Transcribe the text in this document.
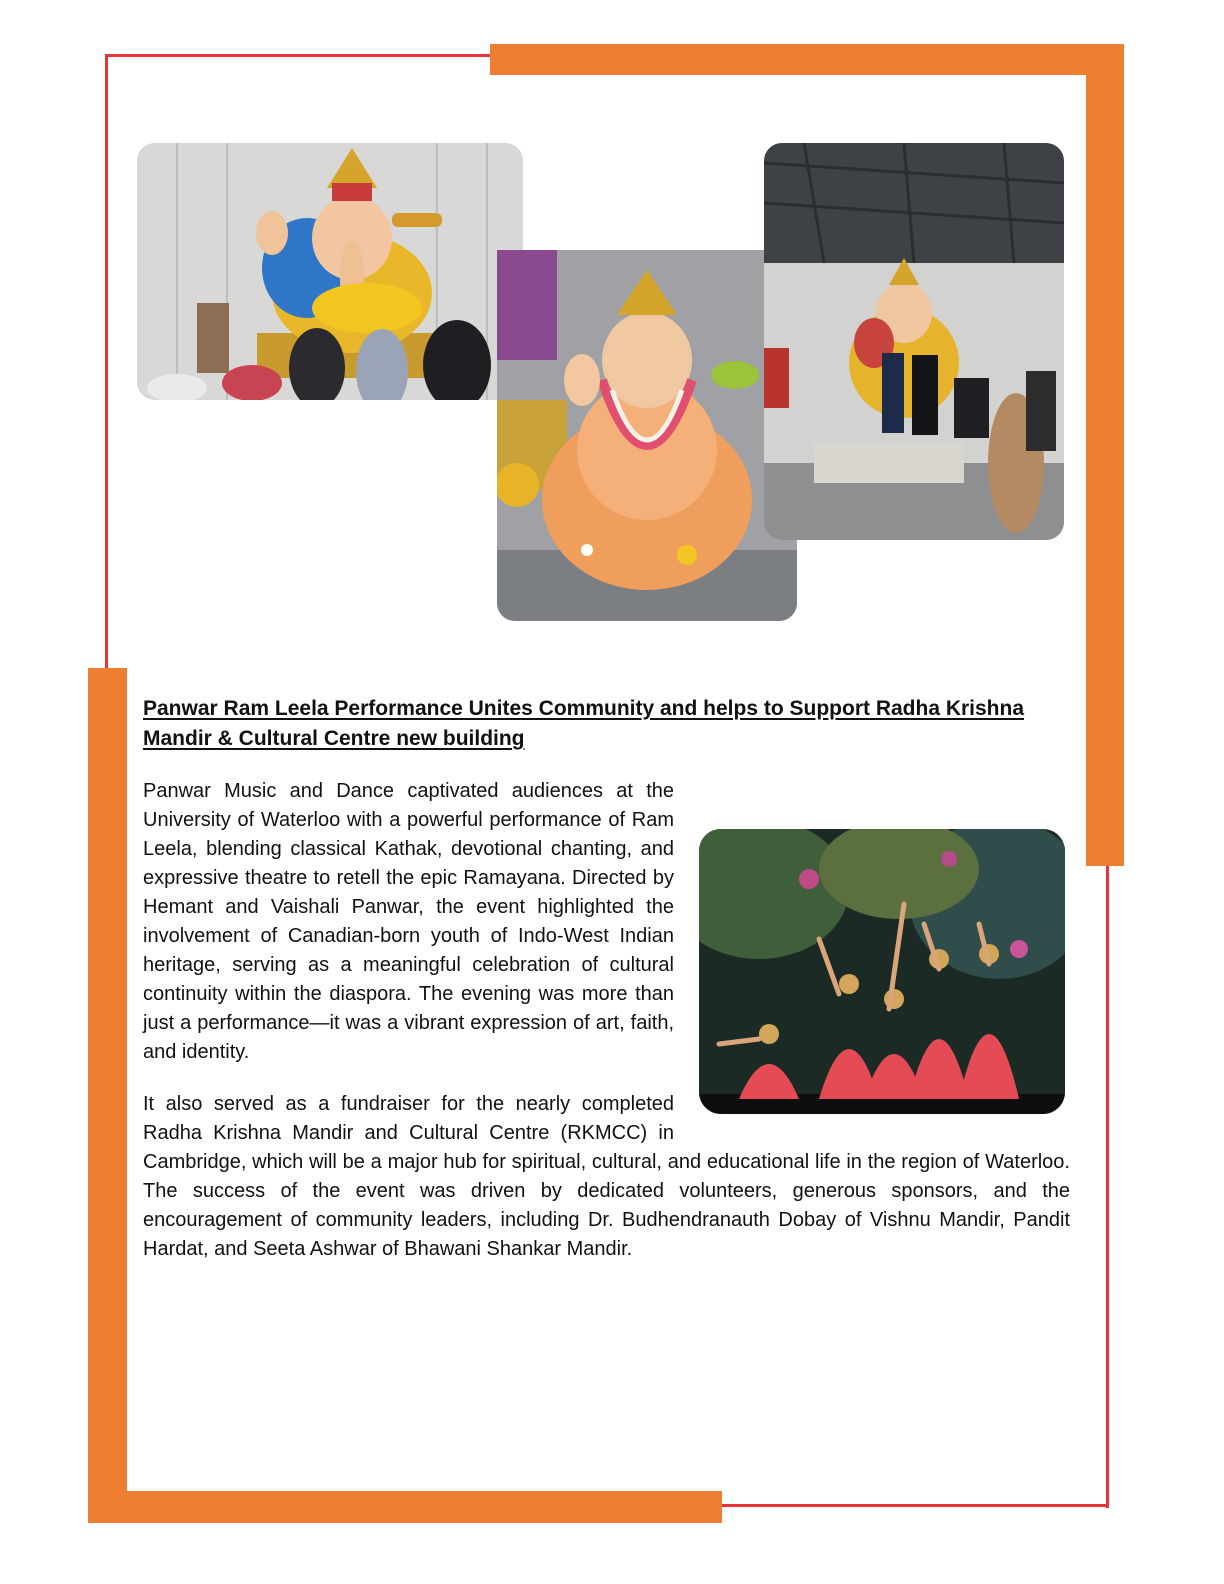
Panwar Ram Leela Performance Unites Community and helps to Support Radha Krishna
Mandir & Cultural Centre new building
Panwar Music and Dance captivated audiences at the University of Waterloo with a powerful performance of Ram Leela, blending classical Kathak, devotional chanting, and expressive theatre to retell the epic Ramayana. Directed by Hemant and Vaishali Panwar, the event highlighted the involvement of Canadian-born youth of Indo-West Indian heritage, serving as a meaningful celebration of cultural continuity within the diaspora. The evening was more than just a performance—it was a vibrant expression of art, faith, and identity.
It also served as a fundraiser for the nearly completed Radha Krishna Mandir and Cultural Centre (RKMCC) in Cambridge, which will be a major hub for spiritual, cultural, and educational life in the region of Waterloo. The success of the event was driven by dedicated volunteers, generous sponsors, and the encouragement of community leaders, including Dr. Budhendranauth Dobay of Vishnu Mandir, Pandit Hardat, and Seeta Ashwar of Bhawani Shankar Mandir.
